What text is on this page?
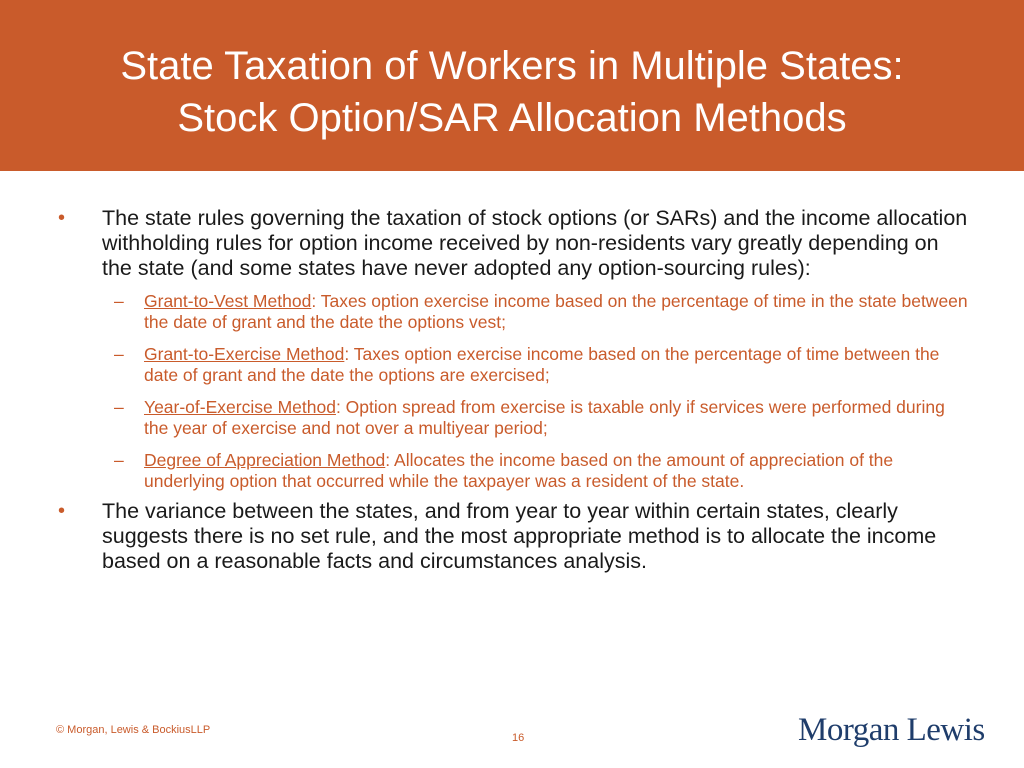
State Taxation of Workers in Multiple States:
Stock Option/SAR Allocation Methods
• The state rules governing the taxation of stock options (or SARs) and the income allocation withholding rules for option income received by non-residents vary greatly depending on the state (and some states have never adopted any option-sourcing rules):
– Grant-to-Vest Method: Taxes option exercise income based on the percentage of time in the state between the date of grant and the date the options vest;
– Grant-to-Exercise Method: Taxes option exercise income based on the percentage of time between the date of grant and the date the options are exercised;
– Year-of-Exercise Method: Option spread from exercise is taxable only if services were performed during the year of exercise and not over a multiyear period;
– Degree of Appreciation Method: Allocates the income based on the amount of appreciation of the underlying option that occurred while the taxpayer was a resident of the state.
• The variance between the states, and from year to year within certain states, clearly suggests there is no set rule, and the most appropriate method is to allocate the income based on a reasonable facts and circumstances analysis.
© Morgan, Lewis & BockiusLLP
16	Morgan Lewis
